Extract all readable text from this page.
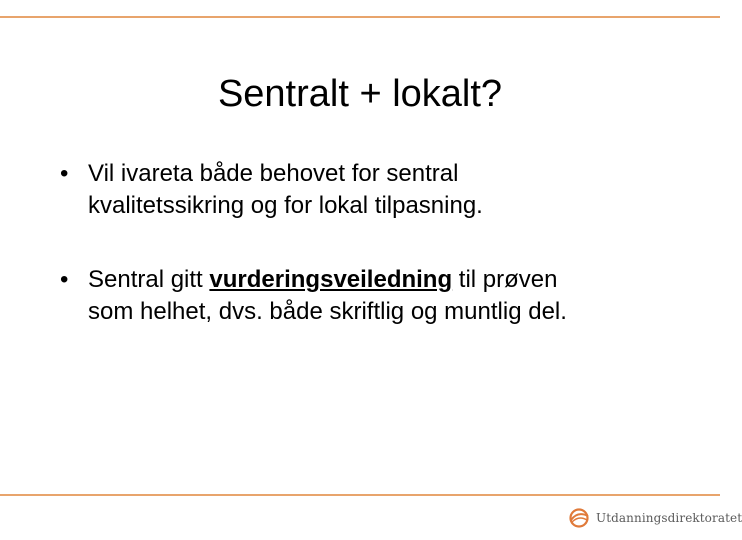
Sentralt + lokalt?
• Vil ivareta både behovet for sentral
kvalitetssikring og for lokal tilpasning.
• Sentral gitt vurderingsveiledning til prøven
som helhet, dvs. både skriftlig og muntlig del.
Utdanningsdirektoratet
